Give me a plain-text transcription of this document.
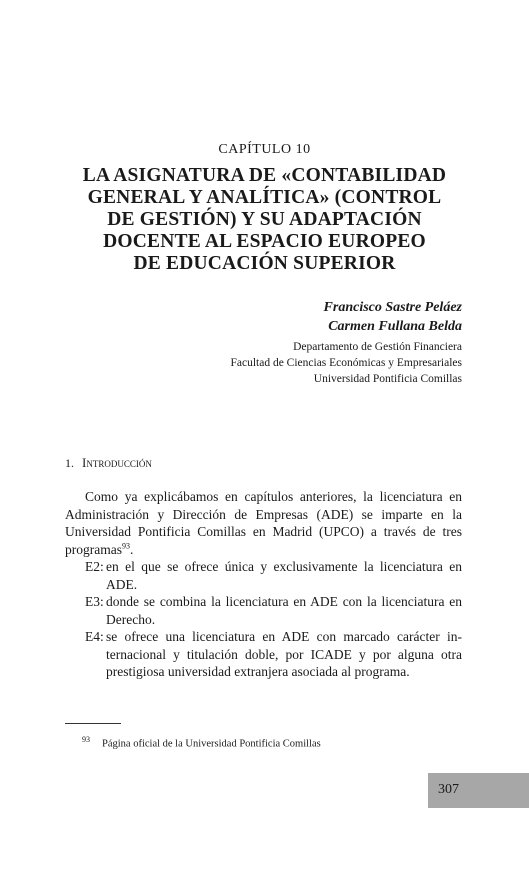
CAPÍTULO 10
LA ASIGNATURA DE «CONTABILIDAD
GENERAL Y ANALÍTICA» (CONTROL
DE GESTIÓN) Y SU ADAPTACIÓN
DOCENTE AL ESPACIO EUROPEO
DE EDUCACIÓN SUPERIOR
Francisco Sastre Peláez
Carmen Fullana Belda
Departamento de Gestión Financiera
Facultad de Ciencias Económicas y Empresariales
Universidad Pontificia Comillas
1. Introducción
Como ya explicábamos en capítulos anteriores, la licenciatura en
Administración y Dirección de Empresas (ADE) se imparte en la
Universidad Pontificia Comillas en Madrid (UPCO) a través de tres
programas$^{93}$.
E2: en el que se ofrece única y exclusivamente la licenciatura en
ADE.
E3: donde se combina la licenciatura en ADE con la licenciatura en
Derecho.
E4: se ofrece una licenciatura en ADE con marcado carácter in-
ternacional y titulación doble, por ICADE y por alguna otra
prestigiosa universidad extranjera asociada al programa.
$^{93}$ Página oficial de la Universidad Pontificia Comillas
307
